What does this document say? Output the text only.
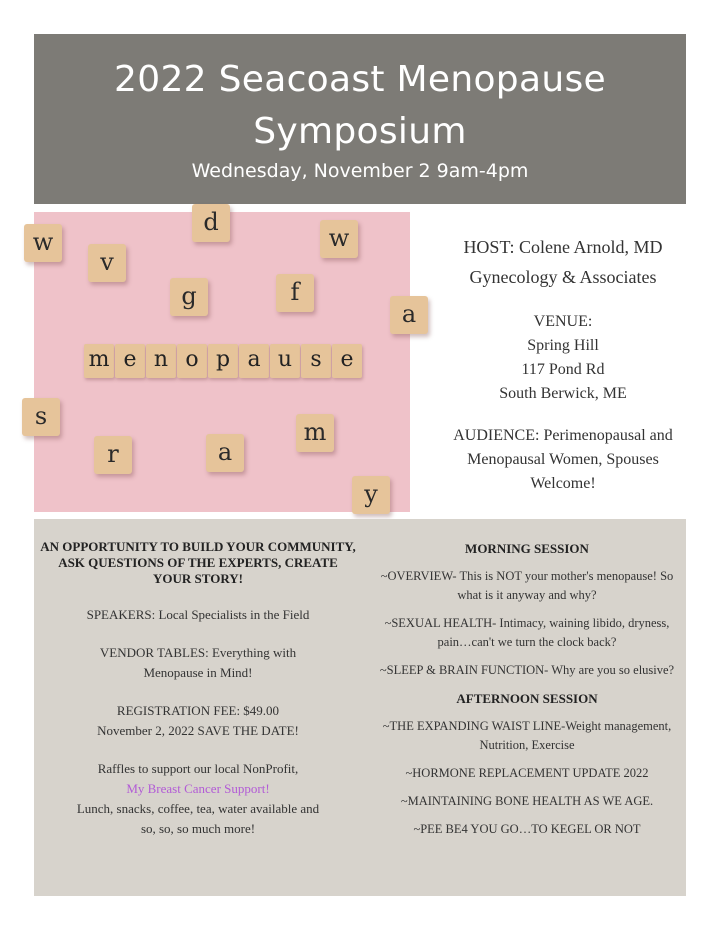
2022 Seacoast Menopause
Symposium
Wednesday, November 2 9am-4pm
w
d
v
w
g	f
s
a
m
r
a
y
m e n o p a u s e
HOST: Colene Arnold, MD
Gynecology & Associates
VENUE:
Spring Hill
117 Pond Rd
South Berwick, ME
AUDIENCE: Perimenopausal and
Menopausal Women, Spouses
Welcome!
AN OPPORTUNITY TO BUILD YOUR COMMUNITY, ASK QUESTIONS OF THE EXPERTS, CREATE YOUR STORY!
SPEAKERS: Local Specialists in the Field
VENDOR TABLES: Everything with
Menopause in Mind!
REGISTRATION FEE: $49.00
November 2, 2022 SAVE THE DATE!
Raffles to support our local NonProfit,
My Breast Cancer Support!
Lunch, snacks, coffee, tea, water available and
so, so, so much more!
MORNING SESSION
~OVERVIEW- This is NOT your mother's menopause! So what is it anyway and why?
~SEXUAL HEALTH- Intimacy, waining libido, dryness, pain…can't we turn the clock back?
~SLEEP & BRAIN FUNCTION- Why are you so elusive?
AFTERNOON SESSION
~THE EXPANDING WAIST LINE-Weight management, Nutrition, Exercise
~HORMONE REPLACEMENT UPDATE 2022
~MAINTAINING BONE HEALTH AS WE AGE.
~PEE BE4 YOU GO…TO KEGEL OR NOT
